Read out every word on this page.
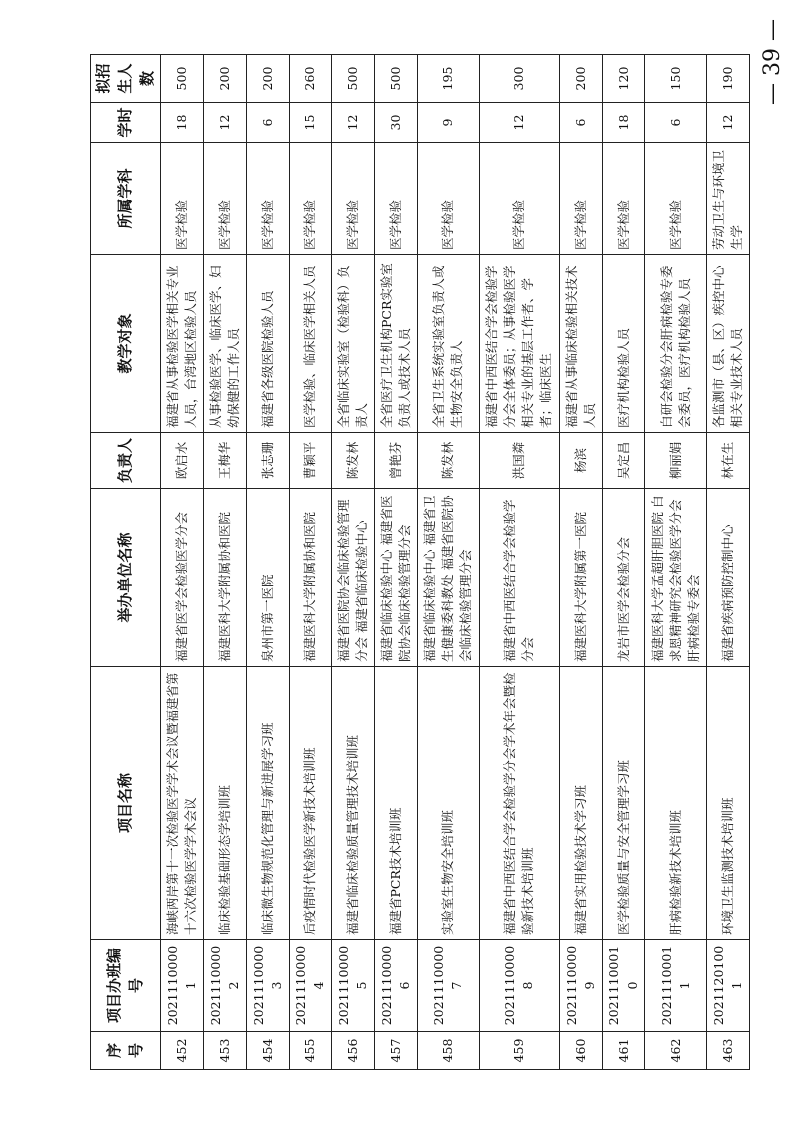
— 39 —
序号	项目办班编号	项目名称	举办单位名称	负责人	教学对象	所属学科	学时	拟招生人数
452	20211100001	海峡两岸第十一次检验医学学术会议暨福建省第十六次检验医学学术会议	福建省医学会检验医学分会	欧启水	福建省从事检验医学相关专业人员，台湾地区检验人员	医学检验	18	500
453	20211100002	临床检验基础形态学培训班	福建医科大学附属协和医院	王梅华	从事检验医学、临床医学、妇幼保健的工作人员	医学检验	12	200
454	20211100003	临床微生物规范化管理与新进展学习班	泉州市第一医院	张志珊	福建省各级医院检验人员	医学检验	6	200
455	20211100004	后疫情时代检验医学新技术培训班	福建医科大学附属协和医院	曹颖平	医学检验、临床医学相关人员	医学检验	15	260
456	20211100005	福建省临床检验质量管理技术培训班	福建省医院协会临床检验管理分会 福建省临床检验中心	陈发林	全省临床实验室（检验科）负责人	医学检验	12	500
457	20211100006	福建省PCR技术培训班	福建省临床检验中心 福建省医院协会临床检验管理分会	曾艳芬	全省医疗卫生机构PCR实验室负责人或技术人员	医学检验	30	500
458	20211100007	实验室生物安全培训班	福建省临床检验中心 福建省卫生健康委科教处 福建省医院协会临床检验管理分会	陈发林	全省卫生系统实验室负责人或生物安全负责人	医学检验	9	195
459	20211100008	福建省中西医结合学会检验学分会学术年会暨检验新技术培训班	福建省中西医结合学会检验学分会	洪国粦	福建省中西医结合学会检验学分会全体委员；从事检验医学相关专业的基层工作者、学者；临床医生	医学检验	12	300
460	20211100009	福建省实用检验技术学习班	福建医科大学附属第一医院	杨滨	福建省从事临床检验相关技术人员	医学检验	6	200
461	20211100010	医学检验质量与安全管理学习班	龙岩市医学会检验分会	吴定昌	医疗机构检验人员	医学检验	18	120
462	20211100011	肝病检验新技术培训班	福建医科大学孟超肝胆医院 白求恩精神研究会检验医学分会肝病检验专委会	柳丽娟	白研会检验分会肝病检验专委会委员，医疗机构检验人员	医学检验	6	150
463	20211201001	环境卫生监测技术培训班	福建省疾病预防控制中心	林在生	各监测市（县、区）疾控中心相关专业技术人员	劳动卫生与环境卫生学	12	190
